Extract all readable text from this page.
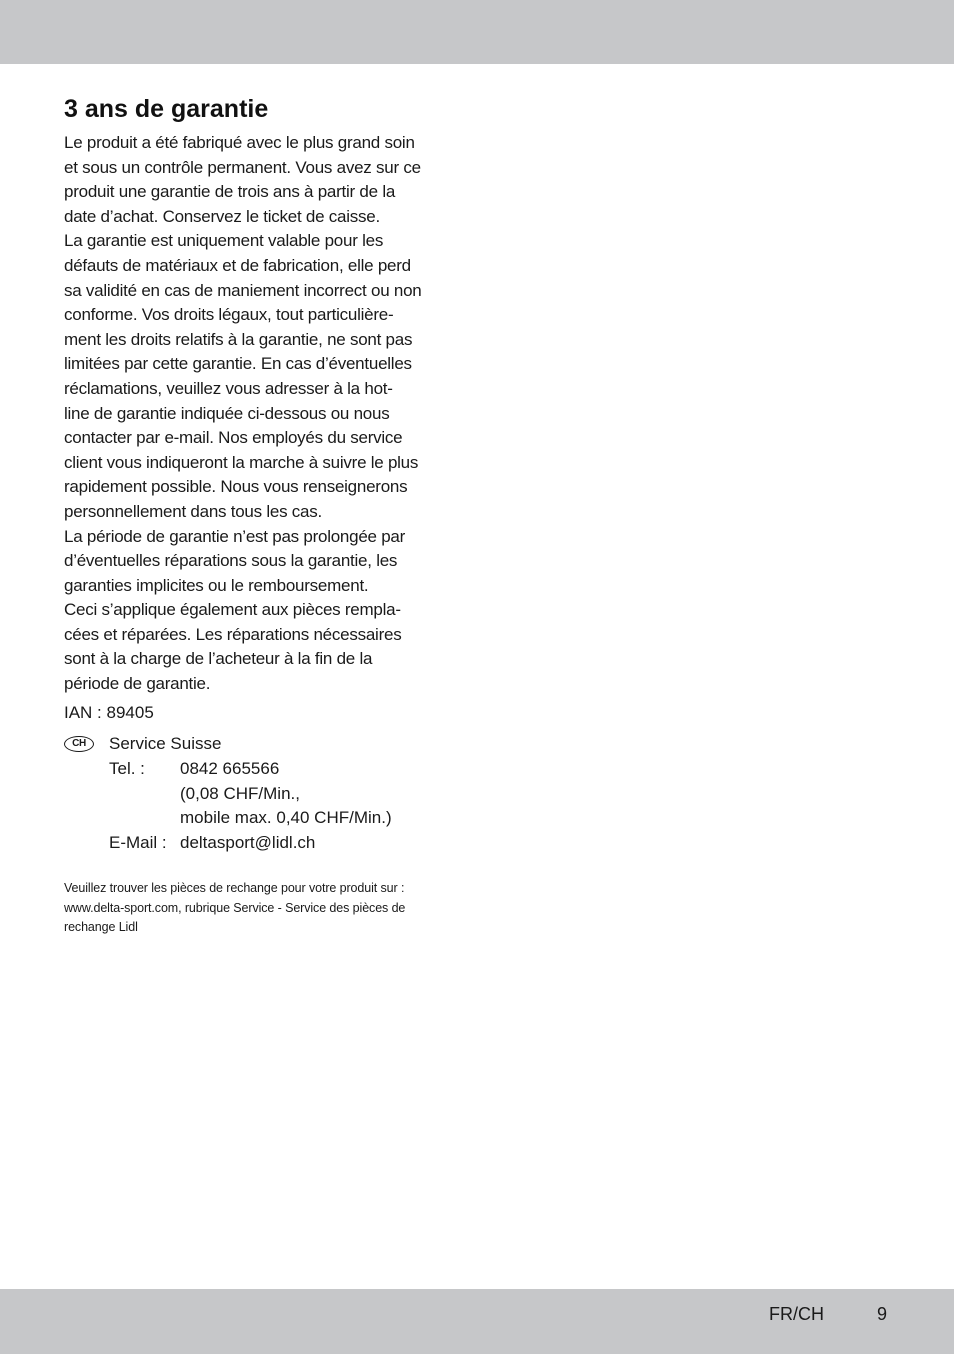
3 ans de garantie
Le produit a été fabriqué avec le plus grand soin
et sous un contrôle permanent. Vous avez sur ce
produit une garantie de trois ans à partir de la
date d’achat. Conservez le ticket de caisse.
La garantie est uniquement valable pour les
défauts de matériaux et de fabrication, elle perd
sa validité en cas de maniement incorrect ou non
conforme. Vos droits légaux, tout particulière-
ment les droits relatifs à la garantie, ne sont pas
limitées par cette garantie. En cas d’éventuelles
réclamations, veuillez vous adresser à la hot-
line de garantie indiquée ci-dessous ou nous
contacter par e-mail. Nos employés du service
client vous indiqueront la marche à suivre le plus
rapidement possible. Nous vous renseignerons
personnellement dans tous les cas.
La période de garantie n’est pas prolongée par
d’éventuelles réparations sous la garantie, les
garanties implicites ou le remboursement.
Ceci s’applique également aux pièces rempla-
cées et réparées. Les réparations nécessaires
sont à la charge de l’acheteur à la fin de la
période de garantie.
IAN : 89405
CH	Service Suisse
Tel. : 0842 665566
(0,08 CHF/Min.,
mobile max. 0,40 CHF/Min.)
E-Mail : deltasport@lidl.ch
Veuillez trouver les pièces de rechange pour votre produit sur :
www.delta-sport.com, rubrique Service - Service des pièces de
rechange Lidl
FR/CH	9
